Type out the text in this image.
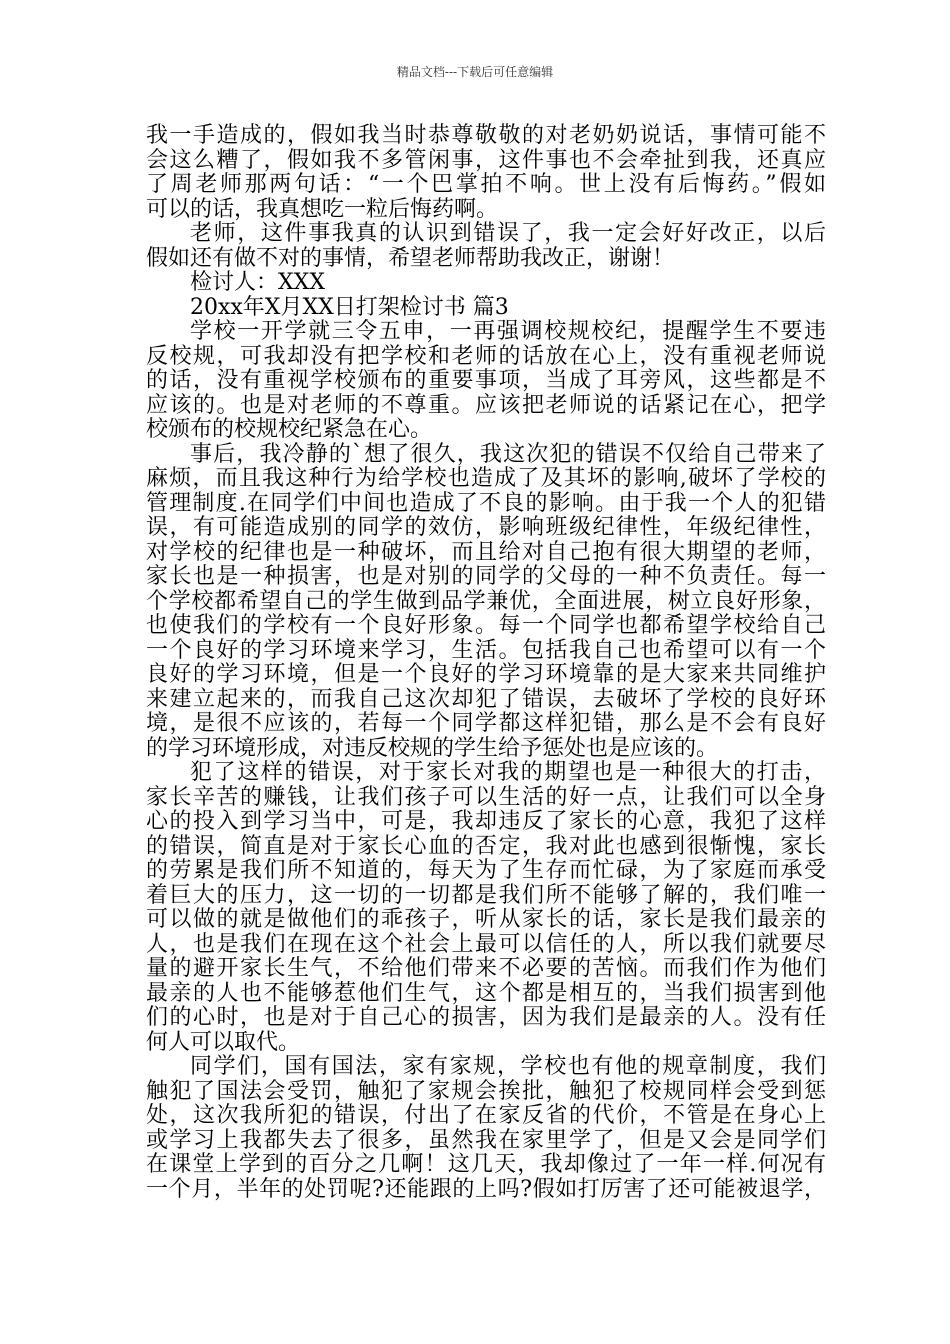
精品文档---下载后可任意编辑
我一手造成的，假如我当时恭尊敬敬的对老奶奶说话，事情可能不
会这么糟了，假如我不多管闲事，这件事也不会牵扯到我，还真应
了周老师那两句话：“一个巴掌拍不响。世上没有后悔药。”假如
可以的话，我真想吃一粒后悔药啊。
老师，这件事我真的认识到错误了，我一定会好好改正，以后
假如还有做不对的事情，希望老师帮助我改正，谢谢！
检讨人：XXX
20xx年X月XX日打架检讨书 篇3
学校一开学就三令五申，一再强调校规校纪，提醒学生不要违
反校规，可我却没有把学校和老师的话放在心上，没有重视老师说
的话，没有重视学校颁布的重要事项，当成了耳旁风，这些都是不
应该的。也是对老师的不尊重。应该把老师说的话紧记在心，把学
校颁布的校规校纪紧急在心。
事后，我冷静的`想了很久，我这次犯的错误不仅给自己带来了
麻烦，而且我这种行为给学校也造成了及其坏的影响,破坏了学校的
管理制度.在同学们中间也造成了不良的影响。由于我一个人的犯错
误，有可能造成别的同学的效仿，影响班级纪律性，年级纪律性，
对学校的纪律也是一种破坏，而且给对自己抱有很大期望的老师，
家长也是一种损害，也是对别的同学的父母的一种不负责任。每一
个学校都希望自己的学生做到品学兼优，全面进展，树立良好形象，
也使我们的学校有一个良好形象。每一个同学也都希望学校给自己
一个良好的学习环境来学习，生活。包括我自己也希望可以有一个
良好的学习环境，但是一个良好的学习环境靠的是大家来共同维护
来建立起来的，而我自己这次却犯了错误，去破坏了学校的良好环
境，是很不应该的，若每一个同学都这样犯错，那么是不会有良好
的学习环境形成，对违反校规的学生给予惩处也是应该的。
犯了这样的错误，对于家长对我的期望也是一种很大的打击，
家长辛苦的赚钱，让我们孩子可以生活的好一点，让我们可以全身
心的投入到学习当中，可是，我却违反了家长的心意，我犯了这样
的错误，简直是对于家长心血的否定，我对此也感到很惭愧，家长
的劳累是我们所不知道的，每天为了生存而忙碌，为了家庭而承受
着巨大的压力，这一切的一切都是我们所不能够了解的，我们唯一
可以做的就是做他们的乖孩子，听从家长的话，家长是我们最亲的
人，也是我们在现在这个社会上最可以信任的人，所以我们就要尽
量的避开家长生气，不给他们带来不必要的苦恼。而我们作为他们
最亲的人也不能够惹他们生气，这个都是相互的，当我们损害到他
们的心时，也是对于自己心的损害，因为我们是最亲的人。没有任
何人可以取代。
同学们，国有国法，家有家规，学校也有他的规章制度，我们
触犯了国法会受罚，触犯了家规会挨批，触犯了校规同样会受到惩
处，这次我所犯的错误，付出了在家反省的代价，不管是在身心上
或学习上我都失去了很多，虽然我在家里学了，但是又会是同学们
在课堂上学到的百分之几啊！这几天，我却像过了一年一样.何况有
一个月，半年的处罚呢?还能跟的上吗?假如打厉害了还可能被退学，
